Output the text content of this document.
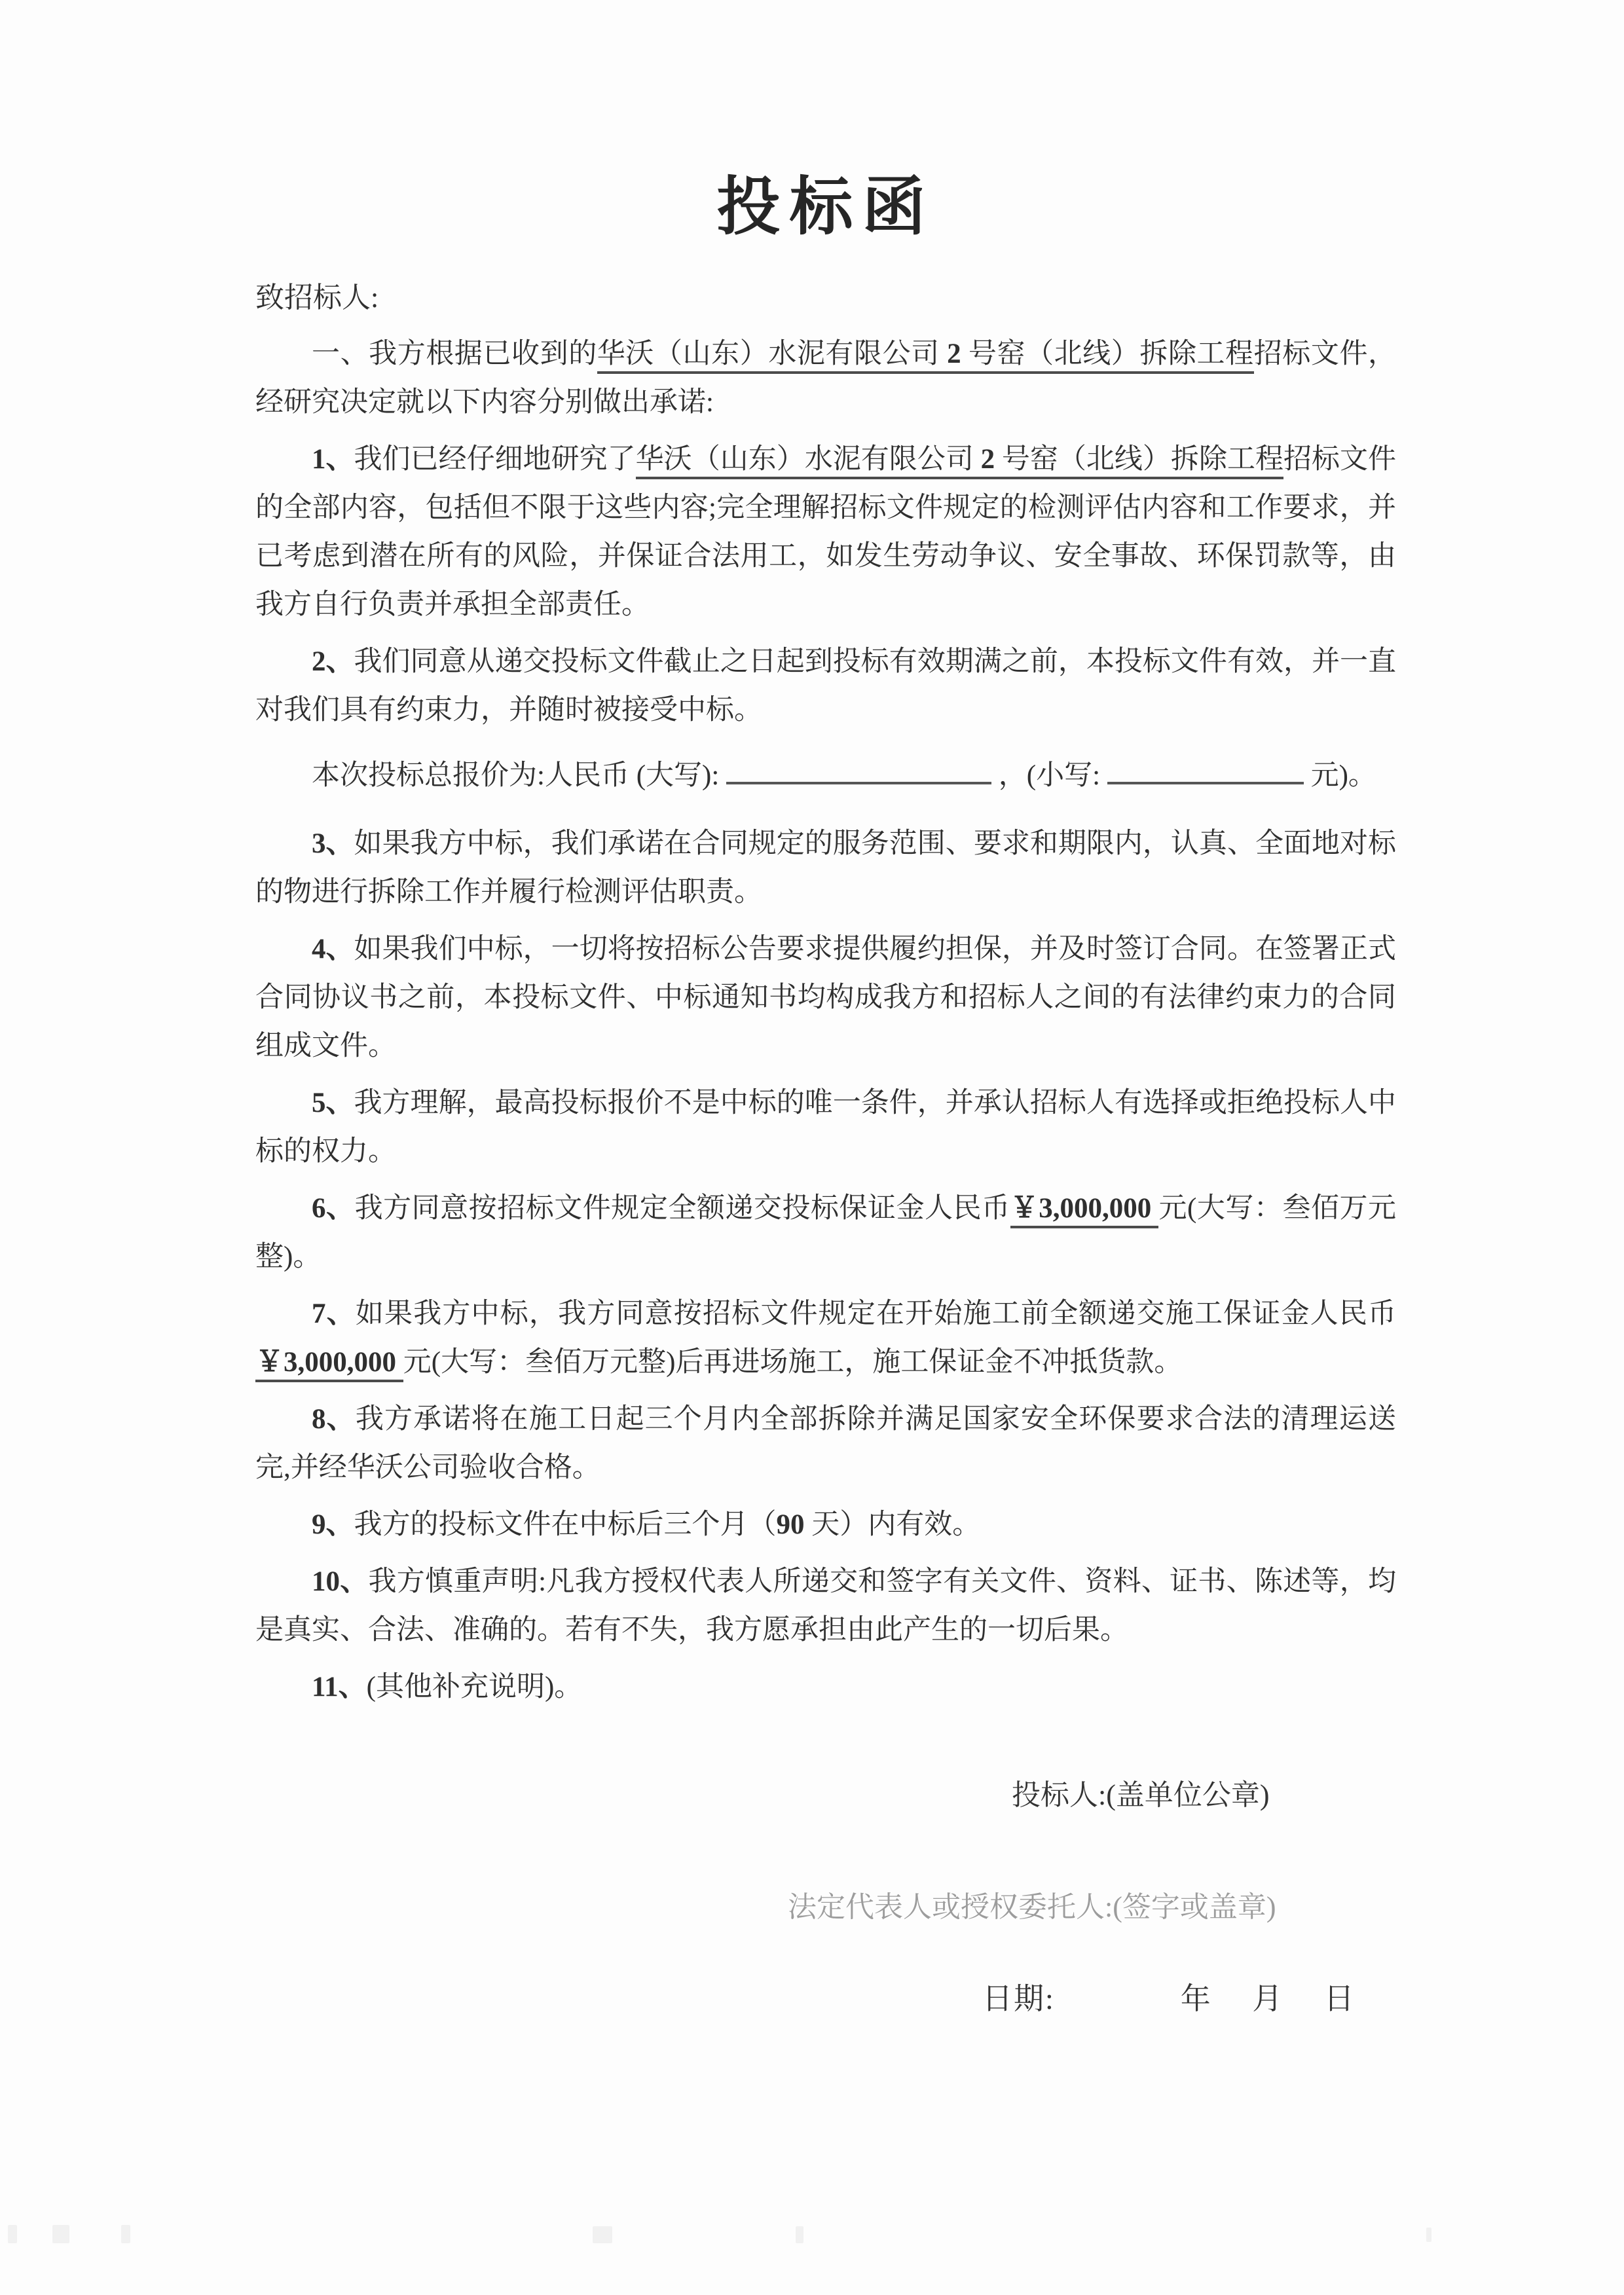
投标函
致招标人:

一、我方根据已收到的华沃（山东）水泥有限公司 2 号窑（北线）拆除工程招标文件，经研究决定就以下内容分别做出承诺:

1、我们已经仔细地研究了华沃（山东）水泥有限公司 2 号窑（北线）拆除工程招标文件的全部内容，包括但不限于这些内容;完全理解招标文件规定的检测评估内容和工作要求，并已考虑到潜在所有的风险，并保证合法用工，如发生劳动争议、安全事故、环保罚款等，由我方自行负责并承担全部责任。

2、我们同意从递交投标文件截止之日起到投标有效期满之前，本投标文件有效，并一直对我们具有约束力，并随时被接受中标。

本次投标总报价为:人民币 (大写):	，(小写:	元)。

3、如果我方中标，我们承诺在合同规定的服务范围、要求和期限内，认真、全面地对标的物进行拆除工作并履行检测评估职责。

4、如果我们中标，一切将按招标公告要求提供履约担保，并及时签订合同。在签署正式合同协议书之前，本投标文件、中标通知书均构成我方和招标人之间的有法律约束力的合同组成文件。

5、我方理解，最高投标报价不是中标的唯一条件，并承认招标人有选择或拒绝投标人中标的权力。

6、我方同意按招标文件规定全额递交投标保证金人民币￥3,000,000 元(大写：叁佰万元整)。

7、如果我方中标，我方同意按招标文件规定在开始施工前全额递交施工保证金人民币￥3,000,000 元(大写：叁佰万元整)后再进场施工，施工保证金不冲抵货款。

8、我方承诺将在施工日起三个月内全部拆除并满足国家安全环保要求合法的清理运送完,并经华沃公司验收合格。

9、我方的投标文件在中标后三个月（90 天）内有效。

10、我方慎重声明:凡我方授权代表人所递交和签字有关文件、资料、证书、陈述等，均是真实、合法、准确的。若有不失，我方愿承担由此产生的一切后果。

11、(其他补充说明)。

投标人:(盖单位公章)
法定代表人或授权委托人:(签字或盖章)
日期:　　　　年　 月　 日
